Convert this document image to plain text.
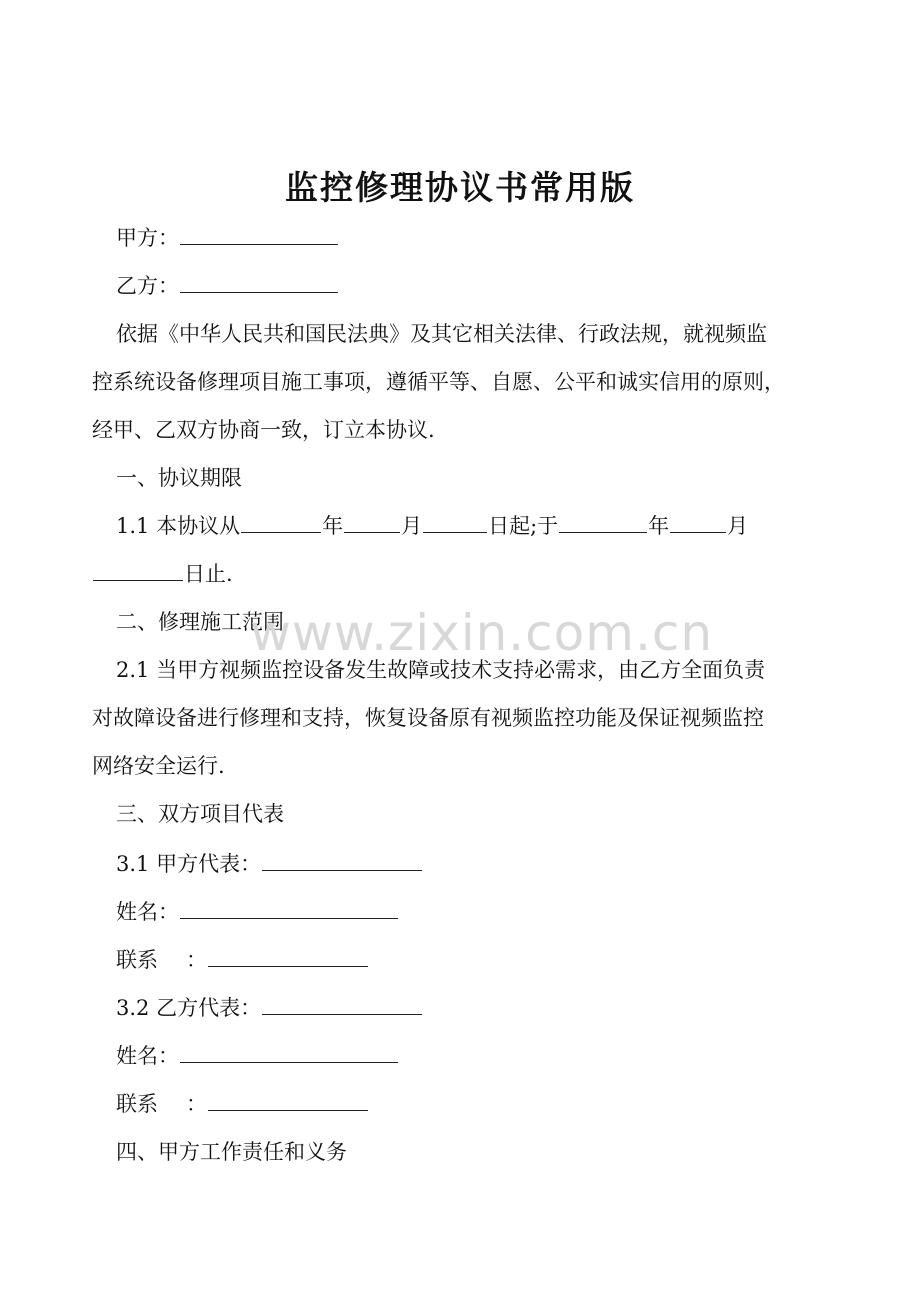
监控修理协议书常用版
甲方：
乙方：
依据《中华人民共和国民法典》及其它相关法律、行政法规，就视频监
控系统设备修理项目施工事项，遵循平等、自愿、公平和诚实信用的原则，
经甲、乙双方协商一致，订立本协议.
一、协议期限
1.1 本协议从	年	月	日起;于	年	月
日止.
二、修理施工范围
2.1 当甲方视频监控设备发生故障或技术支持必需求，由乙方全面负责
对故障设备进行修理和支持，恢复设备原有视频监控功能及保证视频监控
网络安全运行.
三、双方项目代表
3.1 甲方代表：
姓名：
联系 ：
3.2 乙方代表：
姓名：
联系 ：
四、甲方工作责任和义务
www.zixin.com.cn
